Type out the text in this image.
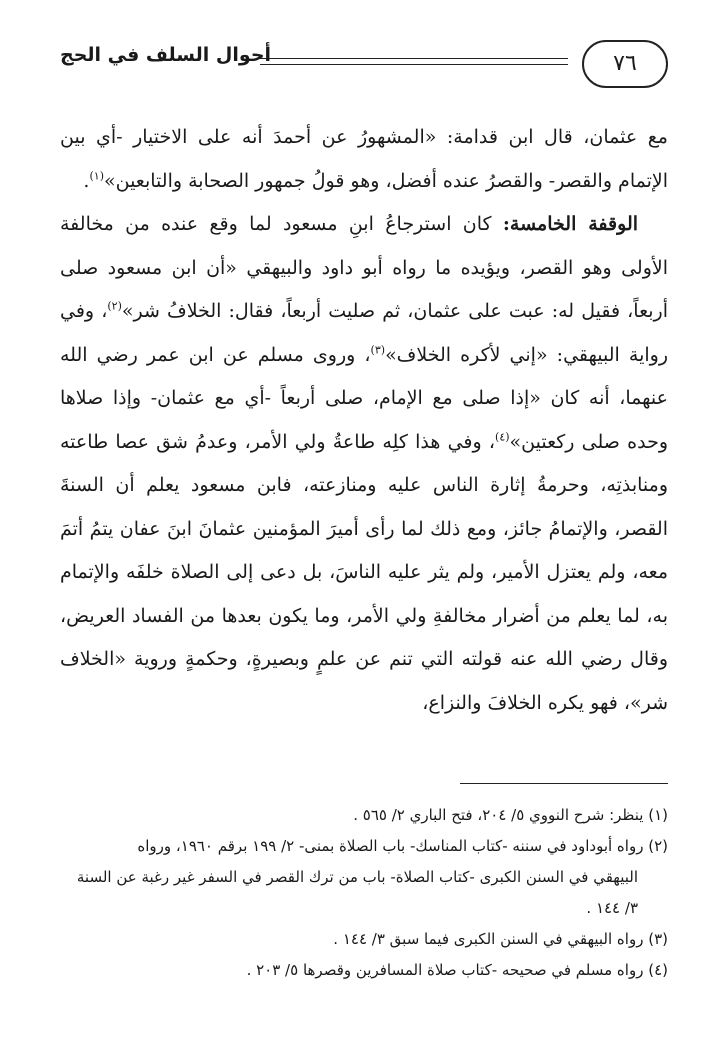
٧٦
أحوال السلف في الحج

مع عثمان، قال ابن قدامة: «المشهورُ عن أحمدَ أنه على الاختيار -أي بين الإتمام والقصر- والقصرُ عنده أفضل، وهو قولُ جمهور الصحابة والتابعين»$^{(١)}$.

الوقفة الخامسة: كان استرجاعُ ابنِ مسعود لما وقع عنده من مخالفة الأولى وهو القصر، ويؤيده ما رواه أبو داود والبيهقي «أن ابن مسعود صلى أربعاً، فقيل له: عبت على عثمان، ثم صليت أربعاً، فقال: الخلافُ شر»$^{(٢)}$، وفي رواية البيهقي: «إني لأكره الخلاف»$^{(٣)}$، وروى مسلم عن ابن عمر رضي الله عنهما، أنه كان «إذا صلى مع الإمام، صلى أربعاً -أي مع عثمان- وإذا صلاها وحده صلى ركعتين»$^{(٤)}$، وفي هذا كلِه طاعةُ ولي الأمر، وعدمُ شق عصا طاعته ومنابذتِه، وحرمةُ إثارة الناس عليه ومنازعته، فابن مسعود يعلم أن السنةَ القصر، والإتمامُ جائز، ومع ذلك لما رأى أميرَ المؤمنين عثمانَ ابنَ عفان يتمُ أتمَ معه، ولم يعتزل الأمير، ولم يثر عليه الناسَ، بل دعى إلى الصلاة خلفَه والإتمام به، لما يعلم من أضرار مخالفةِ ولي الأمر، وما يكون بعدها من الفساد العريض، وقال رضي الله عنه قولته التي تنم عن علمٍ وبصيرةٍ، وحكمةٍ وروية «الخلاف شر»، فهو يكره الخلافَ والنزاع،

(١) ينظر: شرح النووي ٥/ ٢٠٤، فتح الباري ٢/ ٥٦٥ .

(٢) رواه أبوداود في سننه -كتاب المناسك- باب الصلاة بمنى- ٢/ ١٩٩ برقم ١٩٦٠، ورواه

البيهقي في السنن الكبرى -كتاب الصلاة- باب من ترك القصر في السفر غير رغبة عن السنة

٣/ ١٤٤ .

(٣) رواه البيهقي في السنن الكبرى فيما سبق ٣/ ١٤٤ .

(٤) رواه مسلم في صحيحه -كتاب صلاة المسافرين وقصرها ٥/ ٢٠٣ .
